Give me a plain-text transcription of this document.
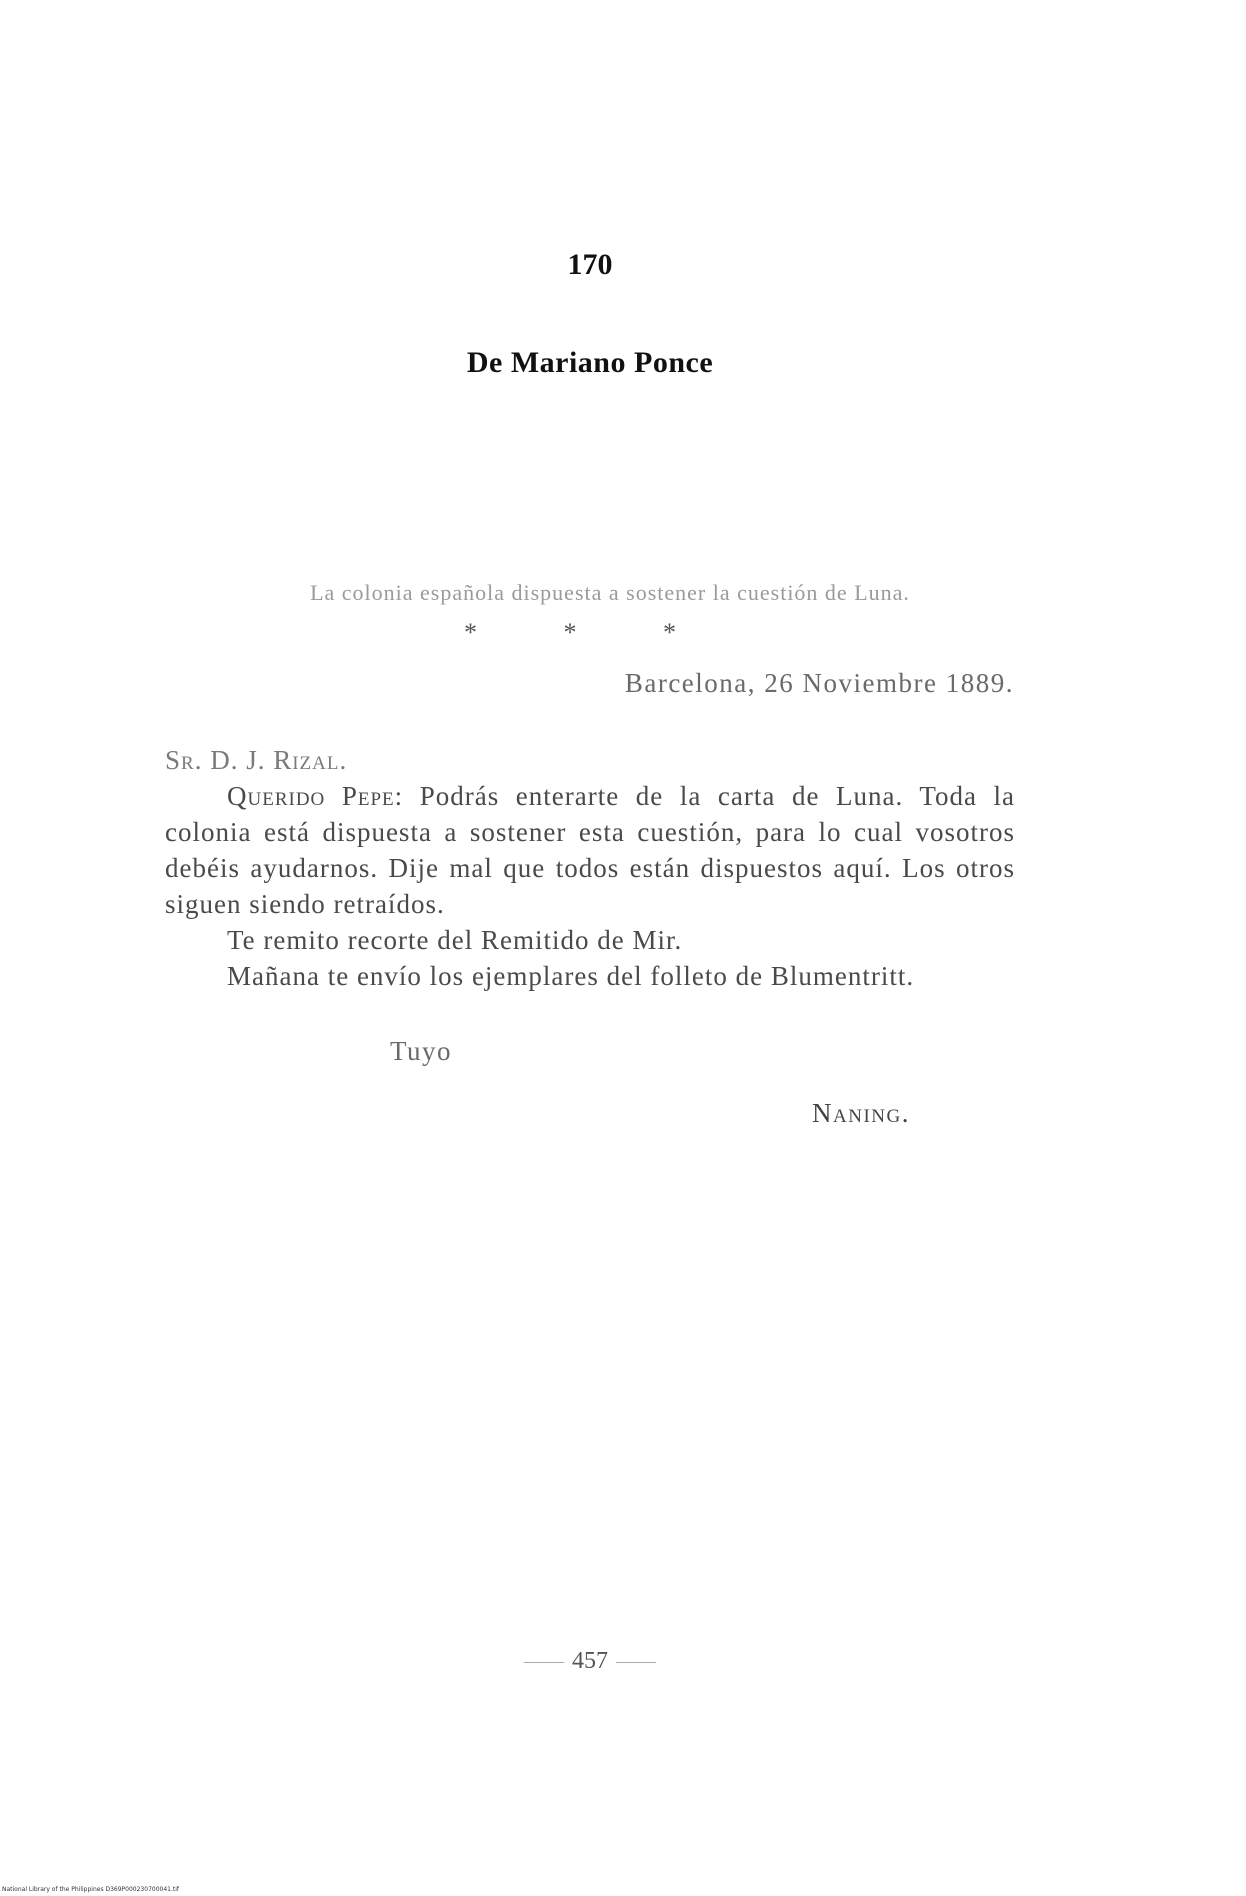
170
De Mariano Ponce
La colonia española dispuesta a sostener la cuestión de Luna.
* * *
Barcelona, 26 Noviembre 1889.

Sr. D. J. Rizal.

Querido Pepe: Podrás enterarte de la carta de Luna. Toda la colonia está dispuesta a sostener esta cuestión, para lo cual vosotros debéis ayudarnos. Dije mal que todos están dispuestos aquí. Los otros siguen siendo retraídos.

Te remito recorte del Remitido de Mir.

Mañana te envío los ejemplares del folleto de Blumentritt.

Tuyo
Naning.
457
National Library of the Philippines D369P000230700041.tif
